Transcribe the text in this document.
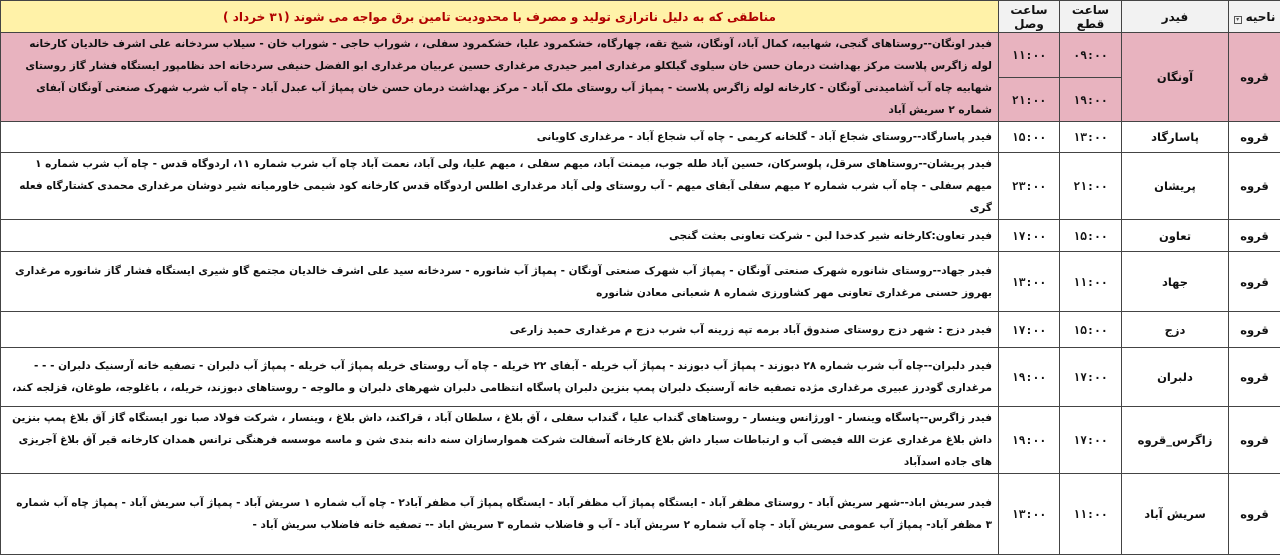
ناحیه▾	فیدر	ساعت قطع	ساعت وصل	مناطقی که به دلیل ناترازی تولید و مصرف با محدودیت تامین برق مواجه می شوند (۳۱ خرداد )
قروه	آونگان	۰۹:۰۰	۱۱:۰۰	فیدر اونگان--روستاهای گنجی، شهابیه، کمال آباد، آونگان، شیخ تقه، چهارگاه، خشکمرود علیا، خشکمرود سفلی، ، شوراب حاجی - شوراب خان - سیلاب سردخانه علی اشرف خالدیان کارخانه لوله زاگرس پلاست مرکز بهداشت درمان حسن خان سیلوی گیلکلو مرغداری امیر حیدری مرغداری حسین عربیان مرغداری ابو الفضل حنیفی سردخانه احد نظامپور ایستگاه فشار گاز روستای شهابیه چاه آب آشامیدنی آونگان - کارخانه لوله زاگرس پلاست - پمپاژ آب روستای ملک آباد - مرکز بهداشت درمان حسن خان پمپاژ آب عبدل آباد - چاه آب شرب شهرک صنعتی آونگان آبفای شماره ۲ سریش آباد
		۱۹:۰۰	۲۱:۰۰	
قروه	پاسارگاد	۱۳:۰۰	۱۵:۰۰	فیدر پاسارگاد--روستای شجاع آباد - گلخانه کریمی - چاه آب شجاع آباد - مرغداری کاویانی
قروه	پریشان	۲۱:۰۰	۲۳:۰۰	فیدر پریشان--روستاهای سرقل، پلوسرکان، حسین آباد طله جوب، میمنت آباد، میهم سفلی ، میهم علیا، ولی آباد، نعمت آباد چاه آب شرب شماره ۱۱، اردوگاه قدس - چاه آب شرب شماره ۱ میهم سفلی - چاه آب شرب شماره ۲ میهم سفلی آبفای میهم - آب روستای ولی آباد مرغداری اطلس اردوگاه قدس کارخانه کود شیمی خاورمیانه شیر دوشان مرغداری محمدی کشتارگاه فعله گری
قروه	تعاون	۱۵:۰۰	۱۷:۰۰	فیدر تعاون:کارخانه شیر کدخدا لبن - شرکت تعاونی بعثت گنجی
قروه	جهاد	۱۱:۰۰	۱۳:۰۰	فیدر جهاد--روستای شانوره شهرک صنعتی آونگان - پمپاژ آب شهرک صنعتی آونگان - پمپاژ آب شانوره - سردخانه سید علی اشرف خالدیان مجتمع گاو شیری ایستگاه فشار گاز شانوره مرغداری بهروز حسنی مرغداری تعاونی مهر کشاورزی شماره ۸ شعبانی معادن شانوره
قروه	دزج	۱۵:۰۰	۱۷:۰۰	فیدر دزج : شهر دزج روستای صندوق آباد برمه تپه زرینه آب شرب دزج م مرغداری حمید زارعی
قروه	دلبران	۱۷:۰۰	۱۹:۰۰	فیدر دلبران--چاه آب شرب شماره ۲۸ دبوزند - پمپاژ آب دبوزند - پمپاژ آب خریله - آبفای ۲۲ خریله - چاه آب روستای خریله پمپاژ آب خریله - پمپاژ آب دلبران - تصفیه خانه آرسنیک دلبران - - - مرغداری گودرز عبیری مرغداری مژده تصفیه خانه آرسنیک دلبران پمپ بنزین دلبران پاسگاه انتظامی دلبران شهرهای دلبران و مالوجه - روستاهای دبوزند، خریله، ، باغلوجه، طوغان، قزلجه کند،
قروه	زاگرس_قروه	۱۷:۰۰	۱۹:۰۰	فیدر زاگرس--پاسگاه وینسار - اورژانس وینسار - روستاهای گنداب علیا ، گنداب سفلی ، آق بلاغ ، سلطان آباد ، قراکند، داش بلاغ ، وینسار ، شرکت فولاد صبا نور ایستگاه گاز آق بلاغ پمپ بنزین داش بلاغ مرغداری عزت الله فیضی آب و ارتباطات سیار داش بلاغ کارخانه آسفالت شرکت هموارسازان سنه دانه بندی شن و ماسه موسسه فرهنگی ترانس همدان کارخانه قیر آق بلاغ آجریزی های جاده اسدآباد
قروه	سریش آباد	۱۱:۰۰	۱۳:۰۰	فیدر سریش اباد--شهر سریش آباد - روستای مظفر آباد - ایستگاه پمپاژ آب مظفر آباد - ایستگاه پمپاژ آب مظفر آباد۲ - چاه آب شماره ۱ سریش آباد - پمپاژ آب سریش آباد - پمپاژ چاه آب شماره ۳ مظفر آباد- پمپاژ آب عمومی سریش آباد - چاه آب شماره ۲ سریش آباد - آب و فاضلاب شماره ۳ سریش اباد -- تصفیه خانه فاضلاب سریش آباد -
